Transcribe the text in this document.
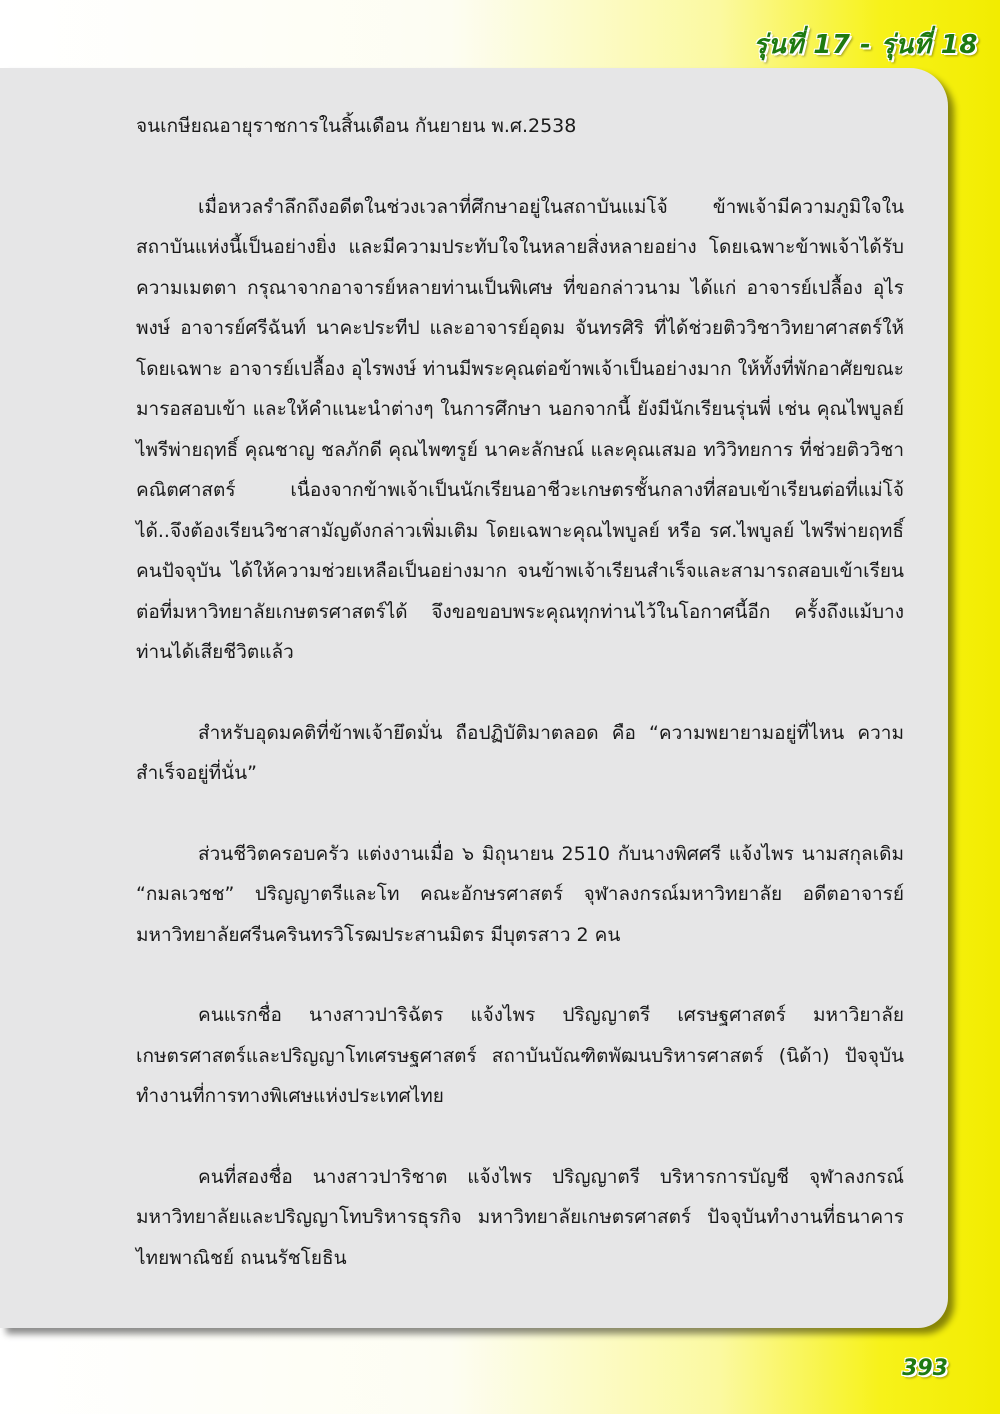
รุ่นที่ 17 - รุ่นที่ 18

จนเกษียณอายุราชการในสิ้นเดือน กันยายน พ.ศ.2538

เมื่อหวลรำลึกถึงอดีตในช่วงเวลาที่ศึกษาอยู่ในสถาบันแม่โจ้ ข้าพเจ้ามีความภูมิใจในสถาบันแห่งนี้เป็นอย่างยิ่ง และมีความประทับใจในหลายสิ่งหลายอย่าง โดยเฉพาะข้าพเจ้าได้รับความเมตตา กรุณาจากอาจารย์หลายท่านเป็นพิเศษ ที่ขอกล่าวนาม ได้แก่ อาจารย์เปลื้อง อุไรพงษ์ อาจารย์ศรีฉันท์ นาคะประทีป และอาจารย์อุดม จันทรศิริ ที่ได้ช่วยติววิชาวิทยาศาสตร์ให้โดยเฉพาะ อาจารย์เปลื้อง อุไรพงษ์ ท่านมีพระคุณต่อข้าพเจ้าเป็นอย่างมาก ให้ทั้งที่พักอาศัยขณะมารอสอบเข้า และให้คำแนะนำต่างๆ ในการศึกษา นอกจากนี้ ยังมีนักเรียนรุ่นพี่ เช่น คุณไพบูลย์ ไพรีพ่ายฤทธิ์ คุณชาญ ชลภักดี คุณไพฑรูย์ นาคะลักษณ์ และคุณเสมอ ทวิวิทยการ ที่ช่วยติววิชาคณิตศาสตร์ เนื่องจากข้าพเจ้าเป็นนักเรียนอาชีวะเกษตรชั้นกลางที่สอบเข้าเรียนต่อที่แม่โจ้ได้..จึงต้องเรียนวิชาสามัญดังกล่าวเพิ่มเติม โดยเฉพาะคุณไพบูลย์ หรือ รศ.ไพบูลย์ ไพรีพ่ายฤทธิ์ คนปัจจุบัน ได้ให้ความช่วยเหลือเป็นอย่างมาก จนข้าพเจ้าเรียนสำเร็จและสามารถสอบเข้าเรียนต่อที่มหาวิทยาลัยเกษตรศาสตร์ได้ จึงขอขอบพระคุณทุกท่านไว้ในโอกาศนี้อีก ครั้งถึงแม้บางท่านได้เสียชีวิตแล้ว

สำหรับอุดมคติที่ข้าพเจ้ายึดมั่น ถือปฏิบัติมาตลอด คือ “ความพยายามอยู่ที่ไหน ความสำเร็จอยู่ที่นั่น”

ส่วนชีวิตครอบครัว แต่งงานเมื่อ ๖ มิถุนายน 2510 กับนางพิศศรี แจ้งไพร นามสกุลเดิม “กมลเวชช” ปริญญาตรีและโท คณะอักษรศาสตร์ จุฬาลงกรณ์มหาวิทยาลัย อดีตอาจารย์มหาวิทยาลัยศรีนครินทรวิโรฒประสานมิตร มีบุตรสาว 2 คน

คนแรกชื่อ นางสาวปาริฉัตร แจ้งไพร ปริญญาตรี เศรษฐศาสตร์ มหาวิยาลัยเกษตรศาสตร์และปริญญาโทเศรษฐศาสตร์ สถาบันบัณฑิตพัฒนบริหารศาสตร์ (นิด้า) ปัจจุบันทำงานที่การทางพิเศษแห่งประเทศไทย

คนที่สองชื่อ นางสาวปาริชาต แจ้งไพร ปริญญาตรี บริหารการบัญชี จุฬาลงกรณ์มหาวิทยาลัยและปริญญาโทบริหารธุรกิจ มหาวิทยาลัยเกษตรศาสตร์ ปัจจุบันทำงานที่ธนาคารไทยพาณิชย์ ถนนรัชโยธิน

393
